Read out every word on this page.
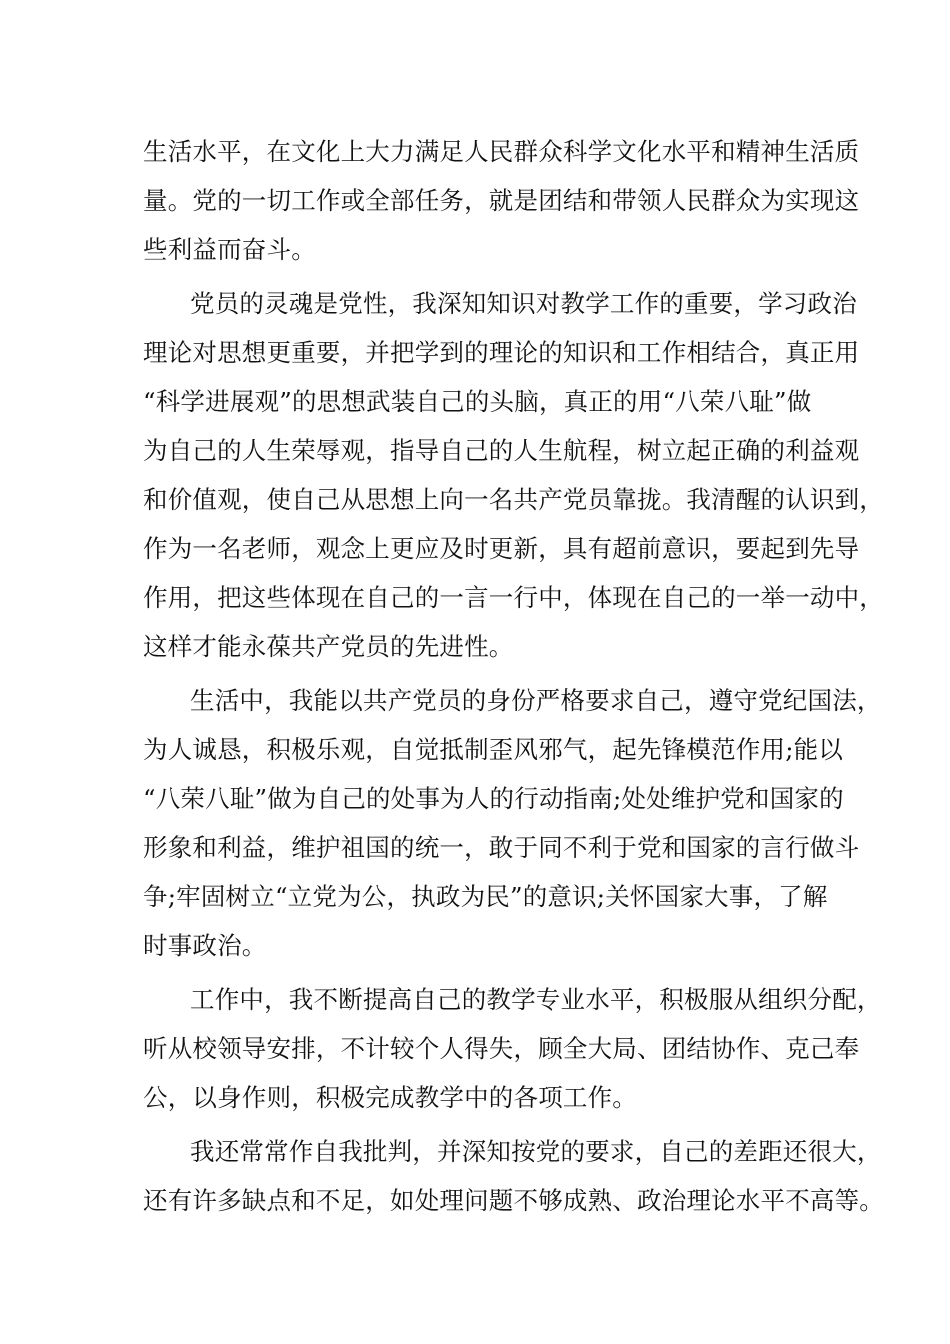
生活水平，在文化上大力满足人民群众科学文化水平和精神生活质
量。党的一切工作或全部任务，就是团结和带领人民群众为实现这
些利益而奋斗。
党员的灵魂是党性，我深知知识对教学工作的重要，学习政治
理论对思想更重要，并把学到的理论的知识和工作相结合，真正用
“科学进展观”的思想武装自己的头脑，真正的用“八荣八耻”做
为自己的人生荣辱观，指导自己的人生航程，树立起正确的利益观
和价值观，使自己从思想上向一名共产党员靠拢。我清醒的认识到，
作为一名老师，观念上更应及时更新，具有超前意识，要起到先导
作用，把这些体现在自己的一言一行中，体现在自己的一举一动中，
这样才能永葆共产党员的先进性。
生活中，我能以共产党员的身份严格要求自己，遵守党纪国法，
为人诚恳，积极乐观，自觉抵制歪风邪气，起先锋模范作用;能以
“八荣八耻”做为自己的处事为人的行动指南;处处维护党和国家的
形象和利益，维护祖国的统一，敢于同不利于党和国家的言行做斗
争;牢固树立“立党为公，执政为民”的意识;关怀国家大事，了解
时事政治。
工作中，我不断提高自己的教学专业水平，积极服从组织分配，
听从校领导安排，不计较个人得失，顾全大局、团结协作、克己奉
公，以身作则，积极完成教学中的各项工作。
我还常常作自我批判，并深知按党的要求，自己的差距还很大，
还有许多缺点和不足，如处理问题不够成熟、政治理论水平不高等。
